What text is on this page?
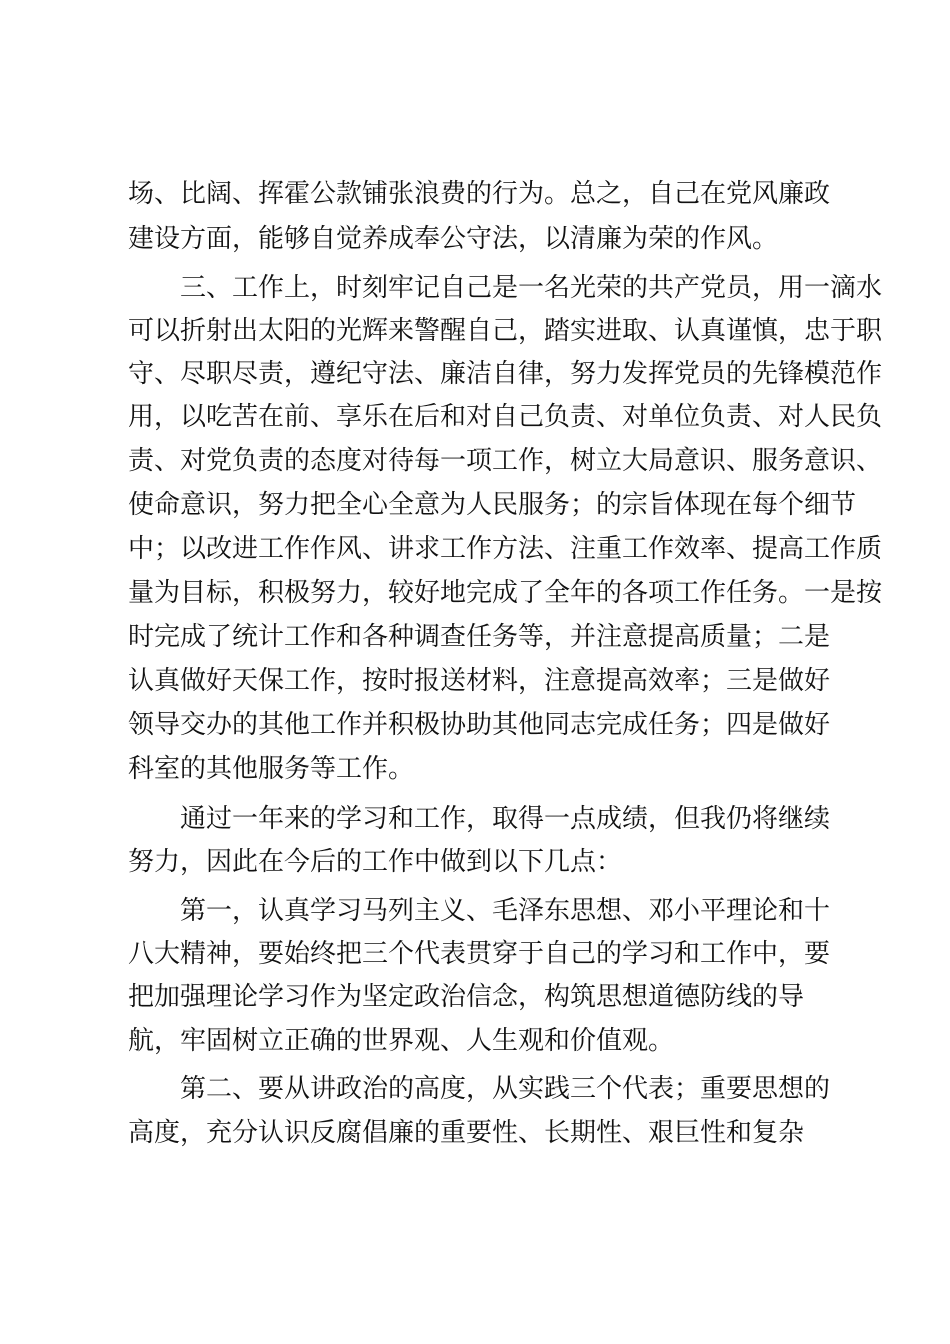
场、比阔、挥霍公款铺张浪费的行为。总之，自己在党风廉政
建设方面，能够自觉养成奉公守法，以清廉为荣的作风。
三、工作上，时刻牢记自己是一名光荣的共产党员，用一滴水
可以折射出太阳的光辉来警醒自己，踏实进取、认真谨慎，忠于职
守、尽职尽责，遵纪守法、廉洁自律，努力发挥党员的先锋模范作
用，以吃苦在前、享乐在后和对自己负责、对单位负责、对人民负
责、对党负责的态度对待每一项工作，树立大局意识、服务意识、
使命意识，努力把全心全意为人民服务；的宗旨体现在每个细节
中；以改进工作作风、讲求工作方法、注重工作效率、提高工作质
量为目标，积极努力，较好地完成了全年的各项工作任务。一是按
时完成了统计工作和各种调查任务等，并注意提高质量；二是
认真做好天保工作，按时报送材料，注意提高效率；三是做好
领导交办的其他工作并积极协助其他同志完成任务；四是做好
科室的其他服务等工作。
通过一年来的学习和工作，取得一点成绩，但我仍将继续
努力，因此在今后的工作中做到以下几点：
第一，认真学习马列主义、毛泽东思想、邓小平理论和十
八大精神，要始终把三个代表贯穿于自己的学习和工作中，要
把加强理论学习作为坚定政治信念，构筑思想道德防线的导
航，牢固树立正确的世界观、人生观和价值观。
第二、要从讲政治的高度，从实践三个代表；重要思想的
高度，充分认识反腐倡廉的重要性、长期性、艰巨性和复杂
